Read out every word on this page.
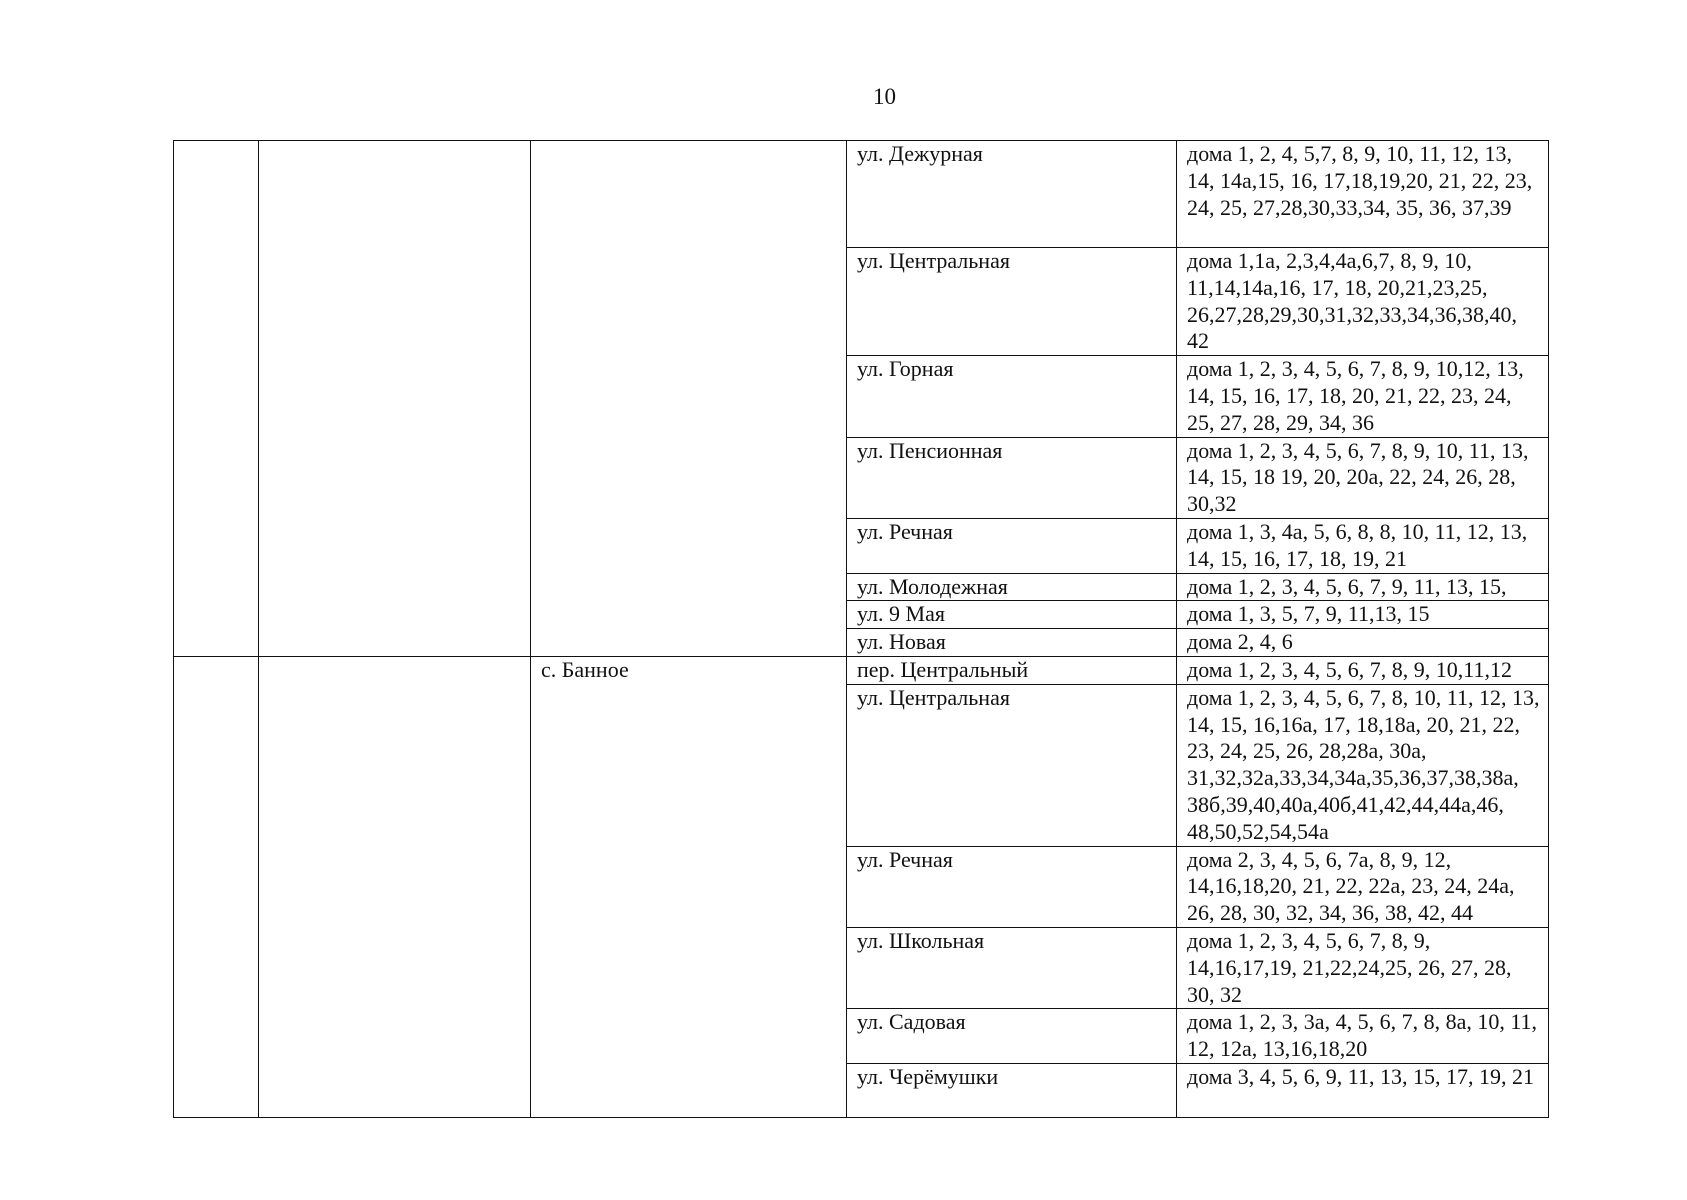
10
			ул. Дежурная	дома 1, 2, 4, 5,7, 8, 9, 10, 11, 12, 13, 14, 14а,15, 16, 17,18,19,20, 21, 22, 23, 24, 25, 27,28,30,33,34, 35, 36, 37,39
			ул. Центральная	дома 1,1а, 2,3,4,4а,6,7, 8, 9, 10, 11,14,14а,16, 17, 18, 20,21,23,25, 26,27,28,29,30,31,32,33,34,36,38,40, 42
			ул. Горная	дома 1, 2, 3, 4, 5, 6, 7, 8, 9, 10,12, 13, 14, 15, 16, 17, 18, 20, 21, 22, 23, 24, 25, 27, 28, 29, 34, 36
			ул. Пенсионная	дома 1, 2, 3, 4, 5, 6, 7, 8, 9, 10, 11, 13, 14, 15, 18 19, 20, 20а, 22, 24, 26, 28, 30,32
			ул. Речная	дома 1, 3, 4а, 5, 6, 8, 8, 10, 11, 12, 13, 14, 15, 16, 17, 18, 19, 21
			ул. Молодежная	дома 1, 2, 3, 4, 5, 6, 7, 9, 11, 13, 15,
			ул. 9 Мая	дома 1, 3, 5, 7, 9, 11,13, 15
			ул. Новая	дома 2, 4, 6
		с. Банное	пер. Центральный	дома 1, 2, 3, 4, 5, 6, 7, 8, 9, 10,11,12
			ул. Центральная	дома 1, 2, 3, 4, 5, 6, 7, 8, 10, 11, 12, 13, 14, 15, 16,16а, 17, 18,18а, 20, 21, 22, 23, 24, 25, 26, 28,28а, 30а, 31,32,32а,33,34,34а,35,36,37,38,38а, 38б,39,40,40а,40б,41,42,44,44а,46, 48,50,52,54,54а
			ул. Речная	дома 2, 3, 4, 5, 6, 7а, 8, 9, 12, 14,16,18,20, 21, 22, 22а, 23, 24, 24а, 26, 28, 30, 32, 34, 36, 38, 42, 44
			ул. Школьная	дома 1, 2, 3, 4, 5, 6, 7, 8, 9, 14,16,17,19, 21,22,24,25, 26, 27, 28, 30, 32
			ул. Садовая	дома 1, 2, 3, 3а, 4, 5, 6, 7, 8, 8а, 10, 11, 12, 12а, 13,16,18,20
			ул. Черёмушки	дома 3, 4, 5, 6, 9, 11, 13, 15, 17, 19, 21
